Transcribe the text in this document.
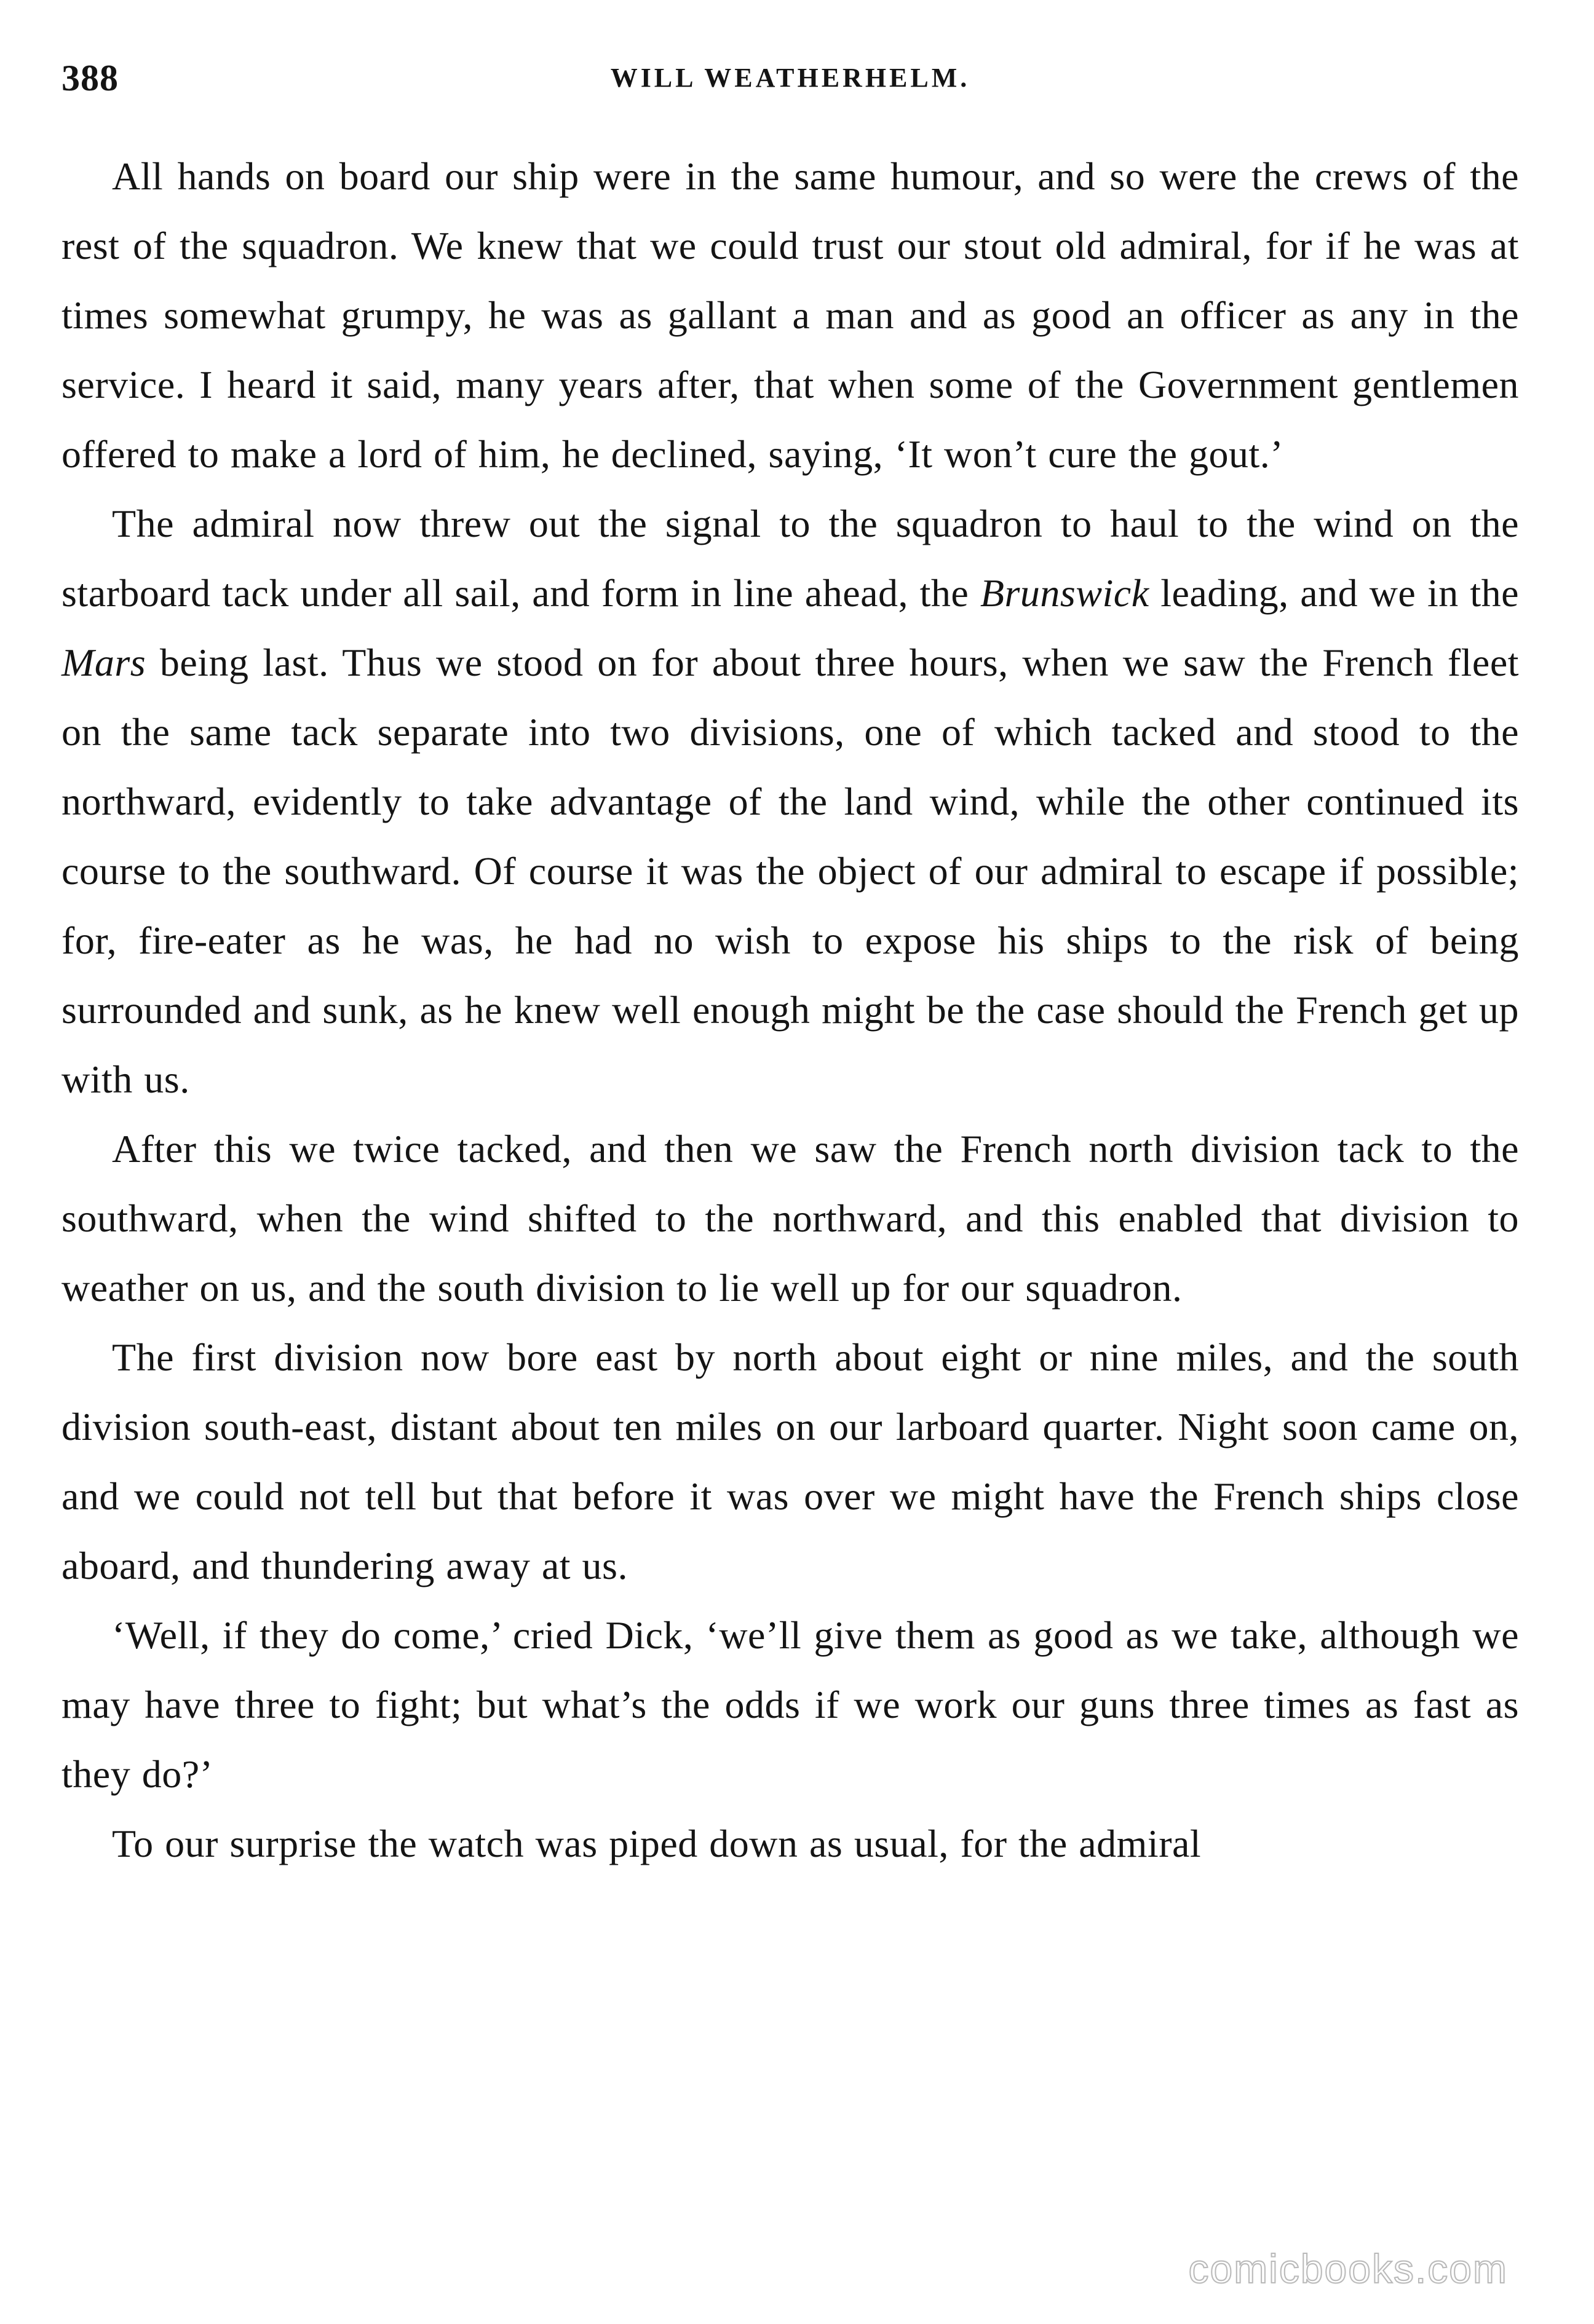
388	WILL WEATHERHELM.

All hands on board our ship were in the same humour, and so were the crews of the rest of the squadron. We knew that we could trust our stout old admiral, for if he was at times somewhat grumpy, he was as gallant a man and as good an officer as any in the service. I heard it said, many years after, that when some of the Government gentlemen offered to make a lord of him, he declined, saying, ‘It won’t cure the gout.’

The admiral now threw out the signal to the squadron to haul to the wind on the starboard tack under all sail, and form in line ahead, the Brunswick leading, and we in the Mars being last. Thus we stood on for about three hours, when we saw the French fleet on the same tack separate into two divisions, one of which tacked and stood to the northward, evidently to take advantage of the land wind, while the other continued its course to the southward. Of course it was the object of our admiral to escape if possible; for, fire-eater as he was, he had no wish to expose his ships to the risk of being surrounded and sunk, as he knew well enough might be the case should the French get up with us.

After this we twice tacked, and then we saw the French north division tack to the southward, when the wind shifted to the northward, and this enabled that division to weather on us, and the south division to lie well up for our squadron.

The first division now bore east by north about eight or nine miles, and the south division south-east, distant about ten miles on our larboard quarter. Night soon came on, and we could not tell but that before it was over we might have the French ships close aboard, and thundering away at us.

‘Well, if they do come,’ cried Dick, ‘we’ll give them as good as we take, although we may have three to fight; but what’s the odds if we work our guns three times as fast as they do?’

To our surprise the watch was piped down as usual, for the admiral

comicbooks.com
